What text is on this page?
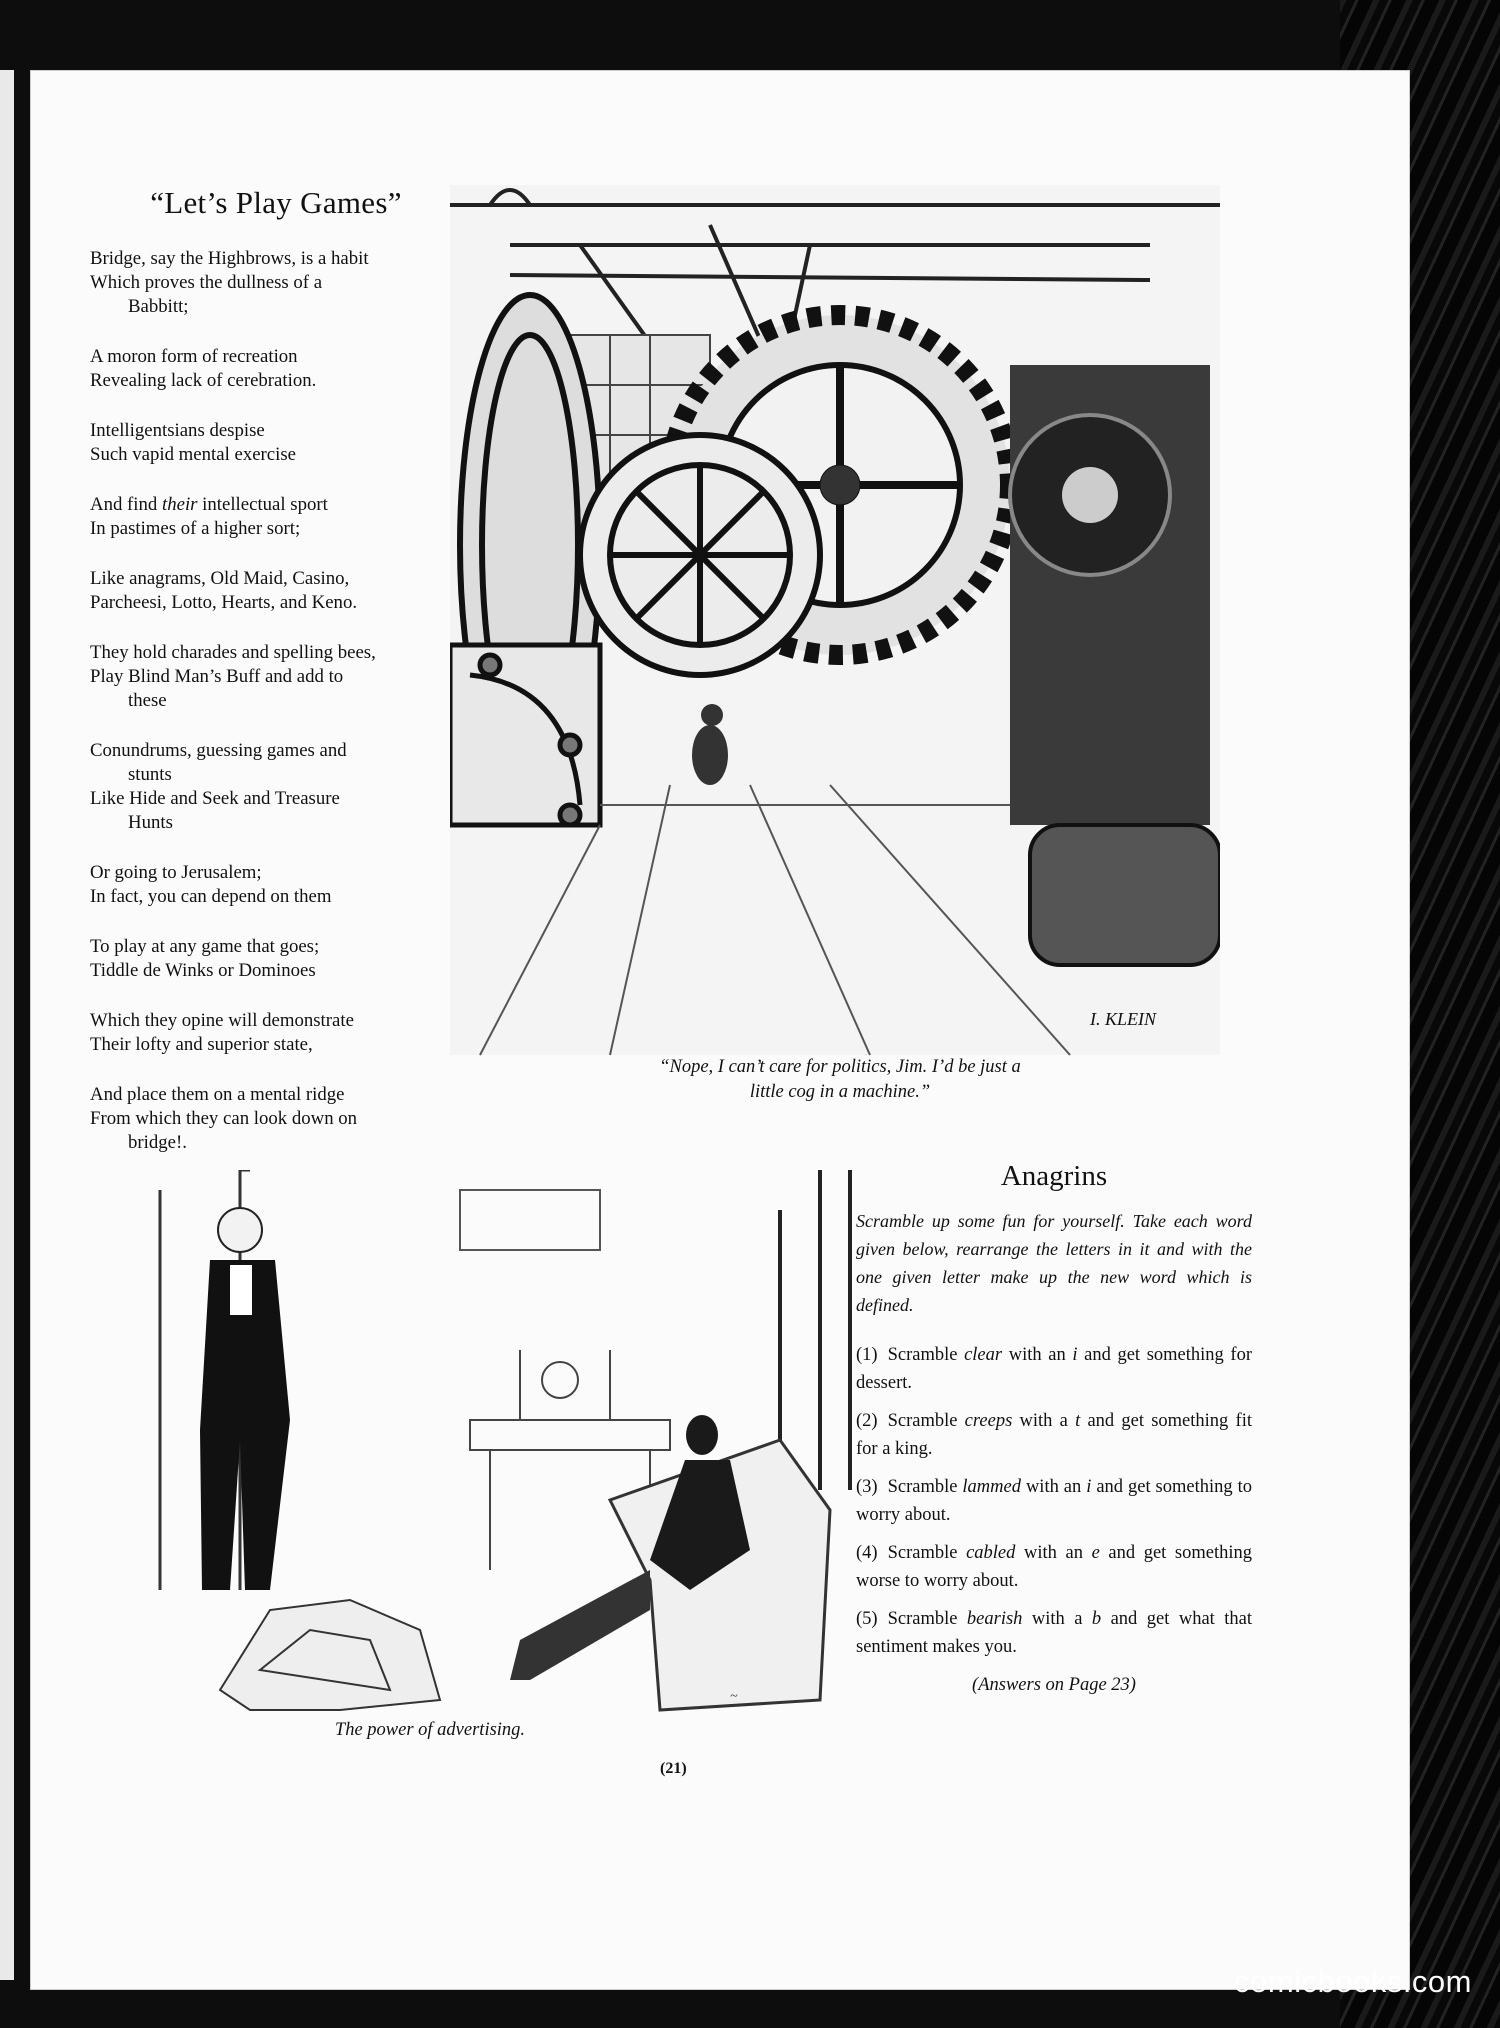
“Let’s Play Games”
Bridge, say the Highbrows, is a habit
Which proves the dullness of a
Babbitt;
A moron form of recreation
Revealing lack of cerebration.
Intelligentsians despise
Such vapid mental exercise
And find their intellectual sport
In pastimes of a higher sort;
Like anagrams, Old Maid, Casino,
Parcheesi, Lotto, Hearts, and Keno.
They hold charades and spelling bees,
Play Blind Man’s Buff and add to
these
Conundrums, guessing games and
stunts
Like Hide and Seek and Treasure
Hunts
Or going to Jerusalem;
In fact, you can depend on them
To play at any game that goes;
Tiddle de Winks or Dominoes
Which they opine will demonstrate
Their lofty and superior state,
And place them on a mental ridge
From which they can look down on
bridge!.
I. KLEIN
“Nope, I can’t care for politics, Jim. I’d be just a
little cog in a machine.”
~
The power of advertising.
Anagrins
Scramble up some fun for yourself. Take each word given below, rearrange the letters in it and with the one given letter make up the new word which is defined.
(1) Scramble clear with an i and get something for dessert.
(2) Scramble creeps with a t and get something fit for a king.
(3) Scramble lammed with an i and get something to worry about.
(4) Scramble cabled with an e and get something worse to worry about.
(5) Scramble bearish with a b and get what that sentiment makes you.
(Answers on Page 23)
(21)
comicbooks.com
